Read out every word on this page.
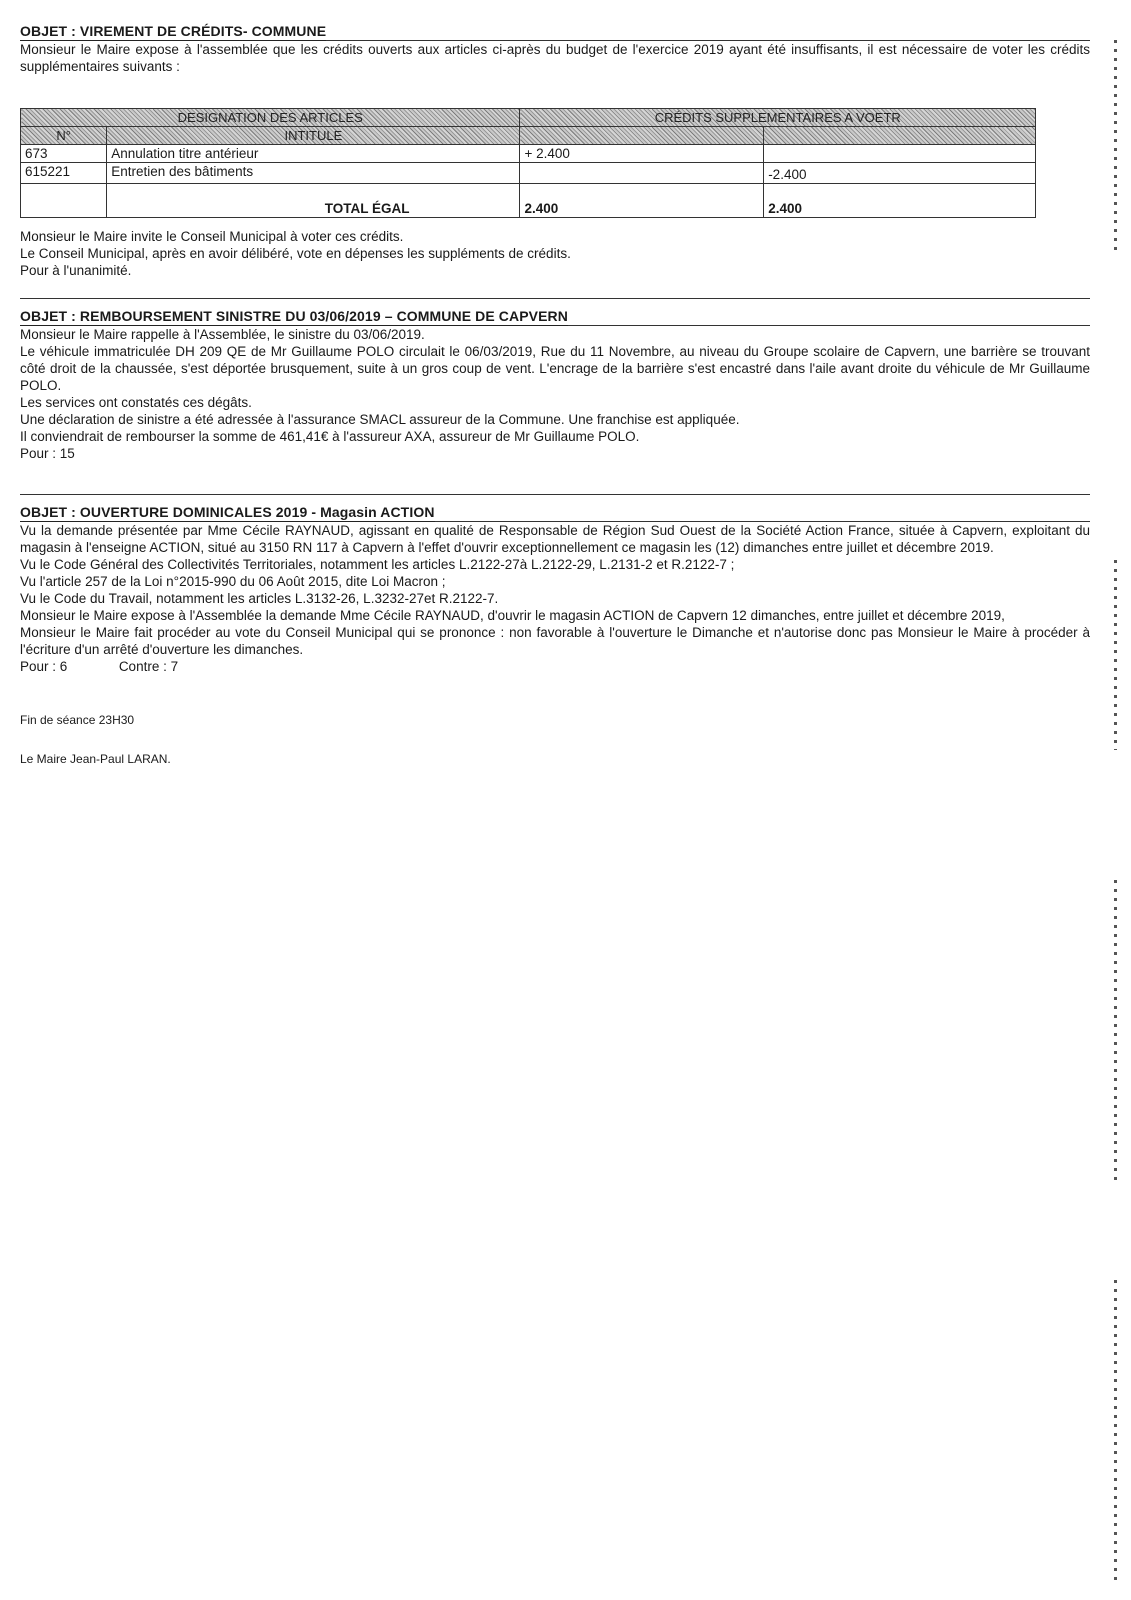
OBJET : VIREMENT DE CRÉDITS- COMMUNE

Monsieur le Maire expose à l'assemblée que les crédits ouverts aux articles ci-après du budget de l'exercice 2019 ayant été insuffisants, il est nécessaire de voter les crédits supplémentaires suivants :

DESIGNATION DES ARTICLES		CRÉDITS SUPPLEMENTAIRES A VOETR	
N°	INTITULE		
673	Annulation titre antérieur	+ 2.400	
615221	Entretien des bâtiments		-2.400

	TOTAL ÉGAL	2.400	2.400

Monsieur le Maire invite le Conseil Municipal à voter ces crédits.

Le Conseil Municipal, après en avoir délibéré, vote en dépenses les suppléments de crédits.

Pour à l'unanimité.

OBJET : REMBOURSEMENT SINISTRE DU 03/06/2019 – COMMUNE DE CAPVERN

Monsieur le Maire rappelle à l'Assemblée, le sinistre du 03/06/2019.

Le véhicule immatriculée DH 209 QE de Mr Guillaume POLO circulait le 06/03/2019, Rue du 11 Novembre, au niveau du Groupe scolaire de Capvern, une barrière se trouvant côté droit de la chaussée, s'est déportée brusquement, suite à un gros coup de vent. L'encrage de la barrière s'est encastré dans l'aile avant droite du véhicule de Mr Guillaume POLO.

Les services ont constatés ces dégâts.

Une déclaration de sinistre a été adressée à l'assurance SMACL assureur de la Commune. Une franchise est appliquée.

Il conviendrait de rembourser la somme de 461,41€ à l'assureur AXA, assureur de Mr Guillaume POLO.

Pour : 15

OBJET : OUVERTURE DOMINICALES 2019 - Magasin ACTION

Vu la demande présentée par Mme Cécile RAYNAUD, agissant en qualité de Responsable de Région Sud Ouest de la Société Action France, située à Capvern, exploitant du magasin à l'enseigne ACTION, situé au 3150 RN 117 à Capvern à l'effet d'ouvrir exceptionnellement ce magasin les (12) dimanches entre juillet et décembre 2019.

Vu le Code Général des Collectivités Territoriales, notamment les articles L.2122-27à L.2122-29, L.2131-2 et R.2122-7 ;

Vu l'article 257 de la Loi n°2015-990 du 06 Août 2015, dite Loi Macron ;

Vu le Code du Travail, notamment les articles L.3132-26, L.3232-27et R.2122-7.

Monsieur le Maire expose à l'Assemblée la demande Mme Cécile RAYNAUD, d'ouvrir le magasin ACTION de Capvern 12 dimanches, entre juillet et décembre 2019,

Monsieur le Maire fait procéder au vote du Conseil Municipal qui se prononce : non favorable à l'ouverture le Dimanche et n'autorise donc pas Monsieur le Maire à procéder à l'écriture d'un arrêté d'ouverture les dimanches.

Pour : 6	Contre : 7

Fin de séance 23H30
Le Maire Jean-Paul LARAN.
